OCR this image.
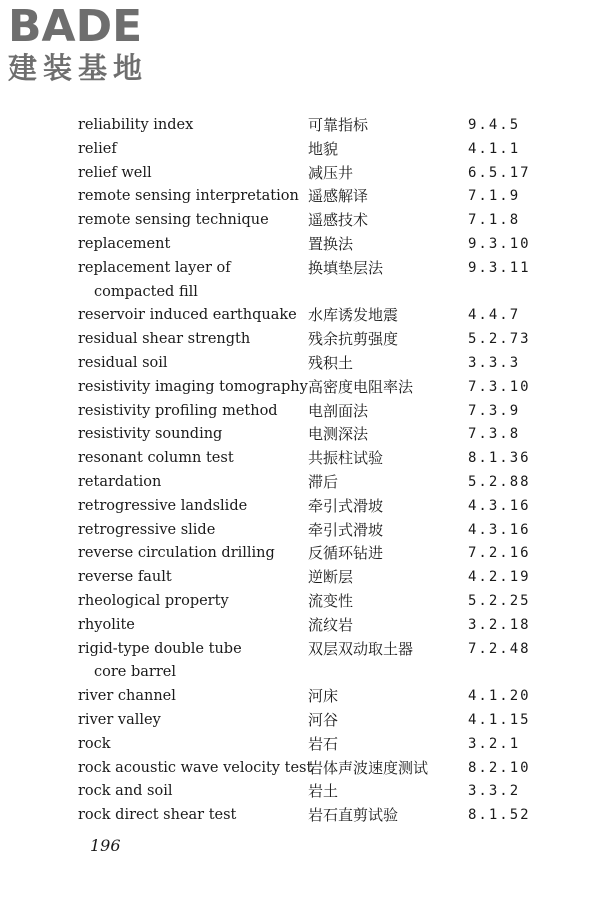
BADE
建装基地
reliability index	可靠指标	9.4.5
relief	地貌	4.1.1
relief well	减压井	6.5.17
remote sensing interpretation 遥感解译	7.1.9
remote sensing technique	遥感技术	7.1.8
replacement	置换法	9.3.10
replacement layer of
compacted fill
换填垫层法	9.3.11
reservoir induced earthquake 水库诱发地震	4.4.7
residual shear strength	残余抗剪强度	5.2.73
residual soil	残积土	3.3.3
resistivity imaging tomography 高密度电阻率法	7.3.10
resistivity profiling method	电剖面法	7.3.9
resistivity sounding	电测深法	7.3.8
resonant column test	共振柱试验	8.1.36
retardation	滞后	5.2.88
retrogressive landslide	牵引式滑坡	4.3.16
retrogressive slide	牵引式滑坡	4.3.16
reverse circulation drilling	反循环钻进	7.2.16
reverse fault	逆断层	4.2.19
rheological property	流变性	5.2.25
rhyolite	流纹岩	3.2.18
rigid-type double tube
core barrel
双层双动取土器	7.2.48
river channel	河床	4.1.20
river valley	河谷	4.1.15
rock	岩石	3.2.1
rock acoustic wave velocity test
岩体声波速度测试	8.2.10
rock and soil	岩土	3.3.2
rock direct shear test	岩石直剪试验	8.1.52
196
